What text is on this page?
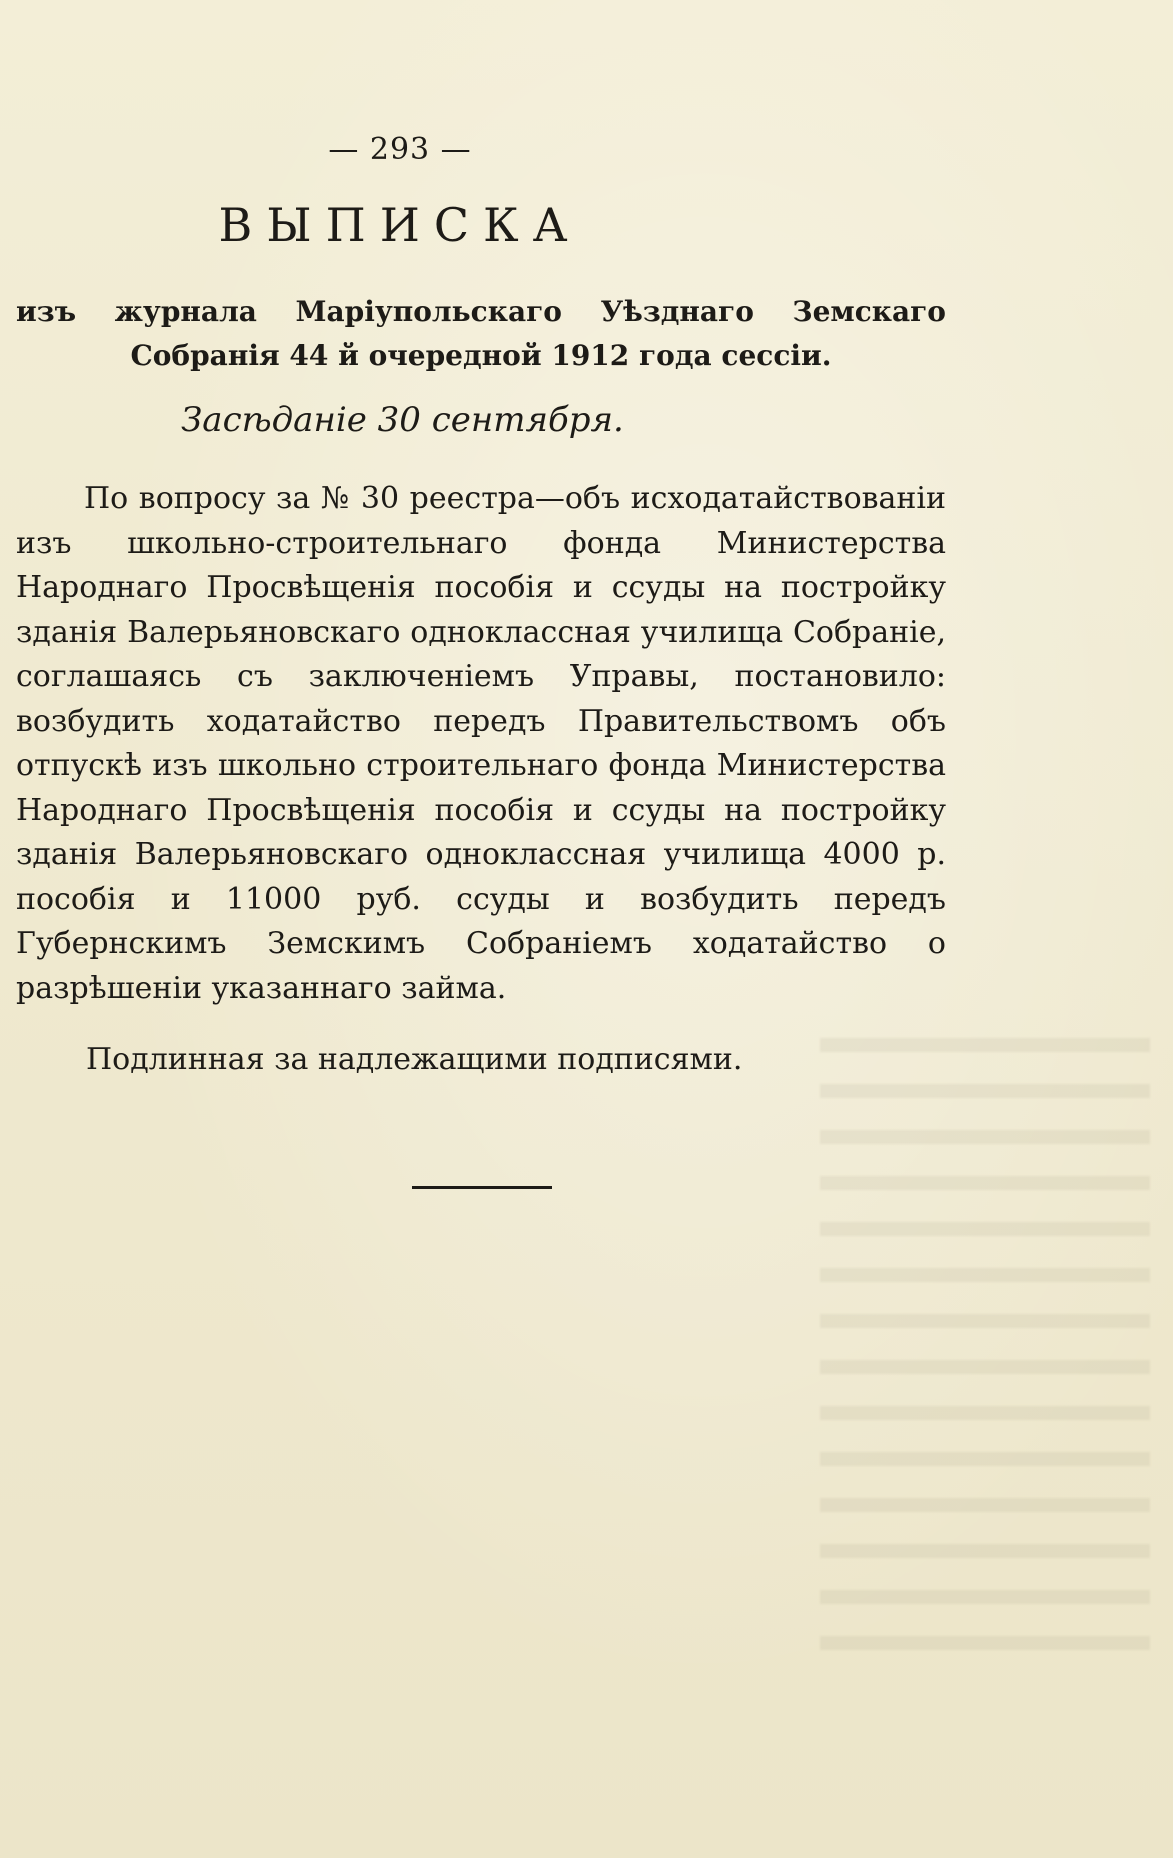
— 293 —
ВЫПИСКА
изъ журнала Маріупольскаго Уѣзднаго Земскаго Собранія 44 й очередной 1912 года сессіи.
Засѣданіе 30 сентября.
По вопросу за № 30 реестра—объ исходатайствованіи изъ школьно-строительнаго фонда Министерства Народнаго Просвѣщенія пособія и ссуды на постройку зданія Валерьяновскаго одноклассная училища Собраніе, соглашаясь съ заключеніемъ Управы, постановило: возбудить ходатайство передъ Правительствомъ объ отпускѣ изъ школьно строительнаго фонда Министерства Народнаго Просвѣщенія пособія и ссуды на постройку зданія Валерьяновскаго одноклассная училища 4000 р. пособія и 11000 руб. ссуды и возбудить передъ Губернскимъ Земскимъ Собраніемъ ходатайство о разрѣшеніи указаннаго займа.
Подлинная за надлежащими подписями.
